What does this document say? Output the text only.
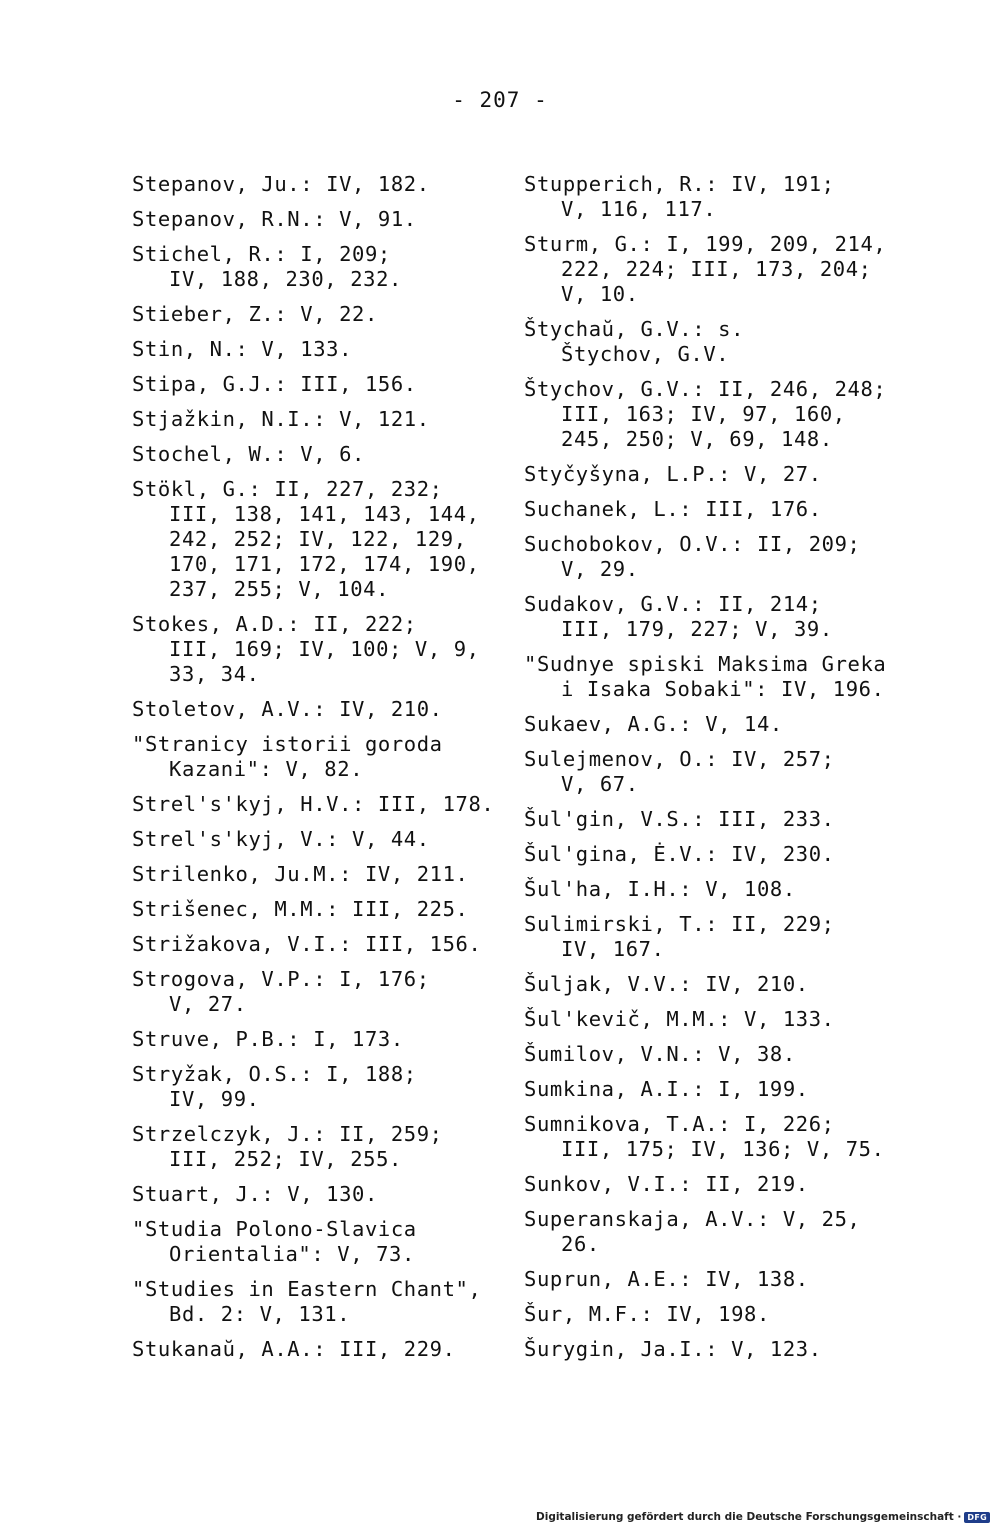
- 207 -
Stepanov, Ju.: IV, 182.
Stepanov, R.N.: V, 91.
Stichel, R.: I, 209;
IV, 188, 230, 232.
Stieber, Z.: V, 22.
Stin, N.: V, 133.
Stipa, G.J.: III, 156.
Stjažkin, N.I.: V, 121.
Stochel, W.: V, 6.
Stökl, G.: II, 227, 232;
III, 138, 141, 143, 144,
242, 252; IV, 122, 129,
170, 171, 172, 174, 190,
237, 255; V, 104.
Stokes, A.D.: II, 222;
III, 169; IV, 100; V, 9,
33, 34.
Stoletov, A.V.: IV, 210.
"Stranicy istorii goroda
Kazani": V, 82.
Strel's'kyj, H.V.: III, 178.
Strel's'kyj, V.: V, 44.
Strilenko, Ju.M.: IV, 211.
Strišenec, M.M.: III, 225.
Strižakova, V.I.: III, 156.
Strogova, V.P.: I, 176;
V, 27.
Struve, P.B.: I, 173.
Stryžak, O.S.: I, 188;
IV, 99.
Strzelczyk, J.: II, 259;
III, 252; IV, 255.
Stuart, J.: V, 130.
"Studia Polono-Slavica
Orientalia": V, 73.
"Studies in Eastern Chant",
Bd. 2: V, 131.
Stukanaŭ, A.A.: III, 229.
Stupperich, R.: IV, 191;
V, 116, 117.
Sturm, G.: I, 199, 209, 214,
222, 224; III, 173, 204;
V, 10.
Štychaŭ, G.V.: s.
Štychov, G.V.
Štychov, G.V.: II, 246, 248;
III, 163; IV, 97, 160,
245, 250; V, 69, 148.
Styčyšyna, L.P.: V, 27.
Suchanek, L.: III, 176.
Suchobokov, O.V.: II, 209;
V, 29.
Sudakov, G.V.: II, 214;
III, 179, 227; V, 39.
"Sudnye spiski Maksima Greka
i Isaka Sobaki": IV, 196.
Sukaev, A.G.: V, 14.
Sulejmenov, O.: IV, 257;
V, 67.
Šul'gin, V.S.: III, 233.
Šul'gina, Ė.V.: IV, 230.
Šul'ha, I.H.: V, 108.
Sulimirski, T.: II, 229;
IV, 167.
Šuljak, V.V.: IV, 210.
Šul'kevič, M.M.: V, 133.
Šumilov, V.N.: V, 38.
Sumkina, A.I.: I, 199.
Sumnikova, T.A.: I, 226;
III, 175; IV, 136; V, 75.
Sunkov, V.I.: II, 219.
Superanskaja, A.V.: V, 25,
26.
Suprun, A.E.: IV, 138.
Šur, M.F.: IV, 198.
Šurygin, Ja.I.: V, 123.
Digitalisierung gefördert durch die Deutsche Forschungsgemeinschaft · DFG
